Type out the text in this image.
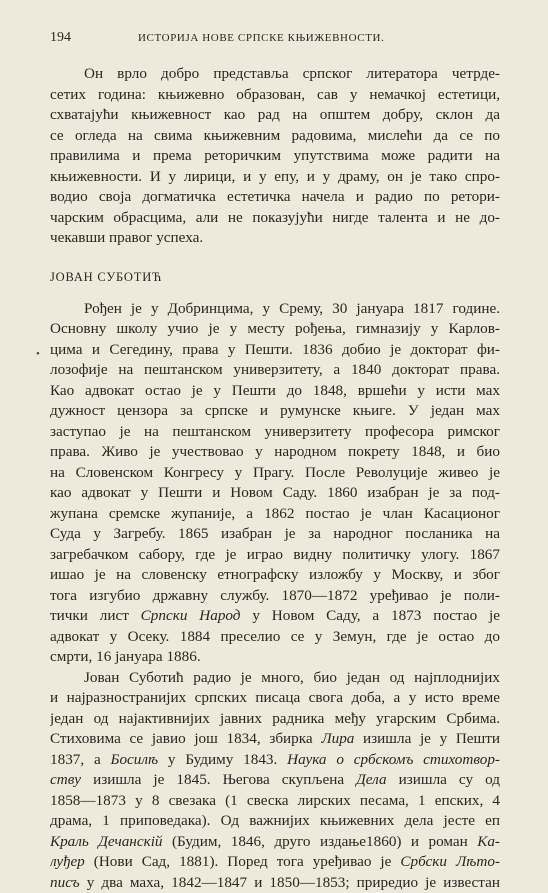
194	ИСТОРИЈА НОВЕ СРПСКЕ КЊИЖЕВНОСТИ.
•
Он врло добро представља српског литератора четрде-
сетих година: књижевно образован, сав у немачкој естетици,
схватајући књижевност као рад на општем добру, склон да
се огледа на свима књижевним радовима, мислећи да се по
правилима и према реторичким упутствима може радити на
књижевности. И у лирици, и у епу, и у драму, он је тако спро-
водио своја догматичка естетичка начела и радио по ретори-
чарским обрасцима, али не показујући нигде талента и не до-
чекавши правог успеха.
ЈОВАН СУБОТИЋ
Рођен је у Добринцима, у Срему, 30 јануара 1817 године.
Основну школу учио је у месту рођења, гимназију у Карлов-
цима и Сегедину, права у Пешти. 1836 добио је докторат фи-
лозофије на пештанском универзитету, а 1840 докторат права.
Као адвокат остао је у Пешти до 1848, вршећи у исти мах
дужност цензора за српске и румунске књиге. У један мах
заступао је на пештанском универзитету професора римског
права. Живо је учествовао у народном покрету 1848, и био
на Словенском Конгресу у Прагу. После Револуције живео је
као адвокат у Пешти и Новом Саду. 1860 изабран је за под-
жупана сремске жупаније, а 1862 постао је члан Касационог
Суда у Загребу. 1865 изабран је за народног посланика на
загребачком сабору, где је играо видну политичку улогу. 1867
ишао је на словенску етнографску изложбу у Москву, и због
тога изгубио државну службу. 1870—1872 уређивао је поли-
тички лист Српски Народ у Новом Саду, а 1873 постао је
адвокат у Осеку. 1884 преселио се у Земун, где је остао до
смрти, 16 јануара 1886.
Јован Суботић радио је много, био један од најплоднијих
и најразностранијих српских писаца свога доба, а у исто време
један од најактивнијих јавних радника међу угарским Србима.
Стиховима се јавио још 1834, збирка Лира изишла је у Пешти
1837, а Босилѣ у Будиму 1843. Наука о србскомъ стихотвор-
ству изишла је 1845. Његова скупљена Дела изишла су од
1858—1873 у 8 свезака (1 свеска лирских песама, 1 епских, 4
драма, 1 приповедака). Од важнијих књижевних дела јесте еп
Краль Дечанскій (Будим, 1846, друго издање1860) и роман Ка-
луђер (Нови Сад, 1881). Поред тога уређивао је Србски Лѣто-
писъ у два маха, 1842—1847 и 1850—1853; приредио је известан
